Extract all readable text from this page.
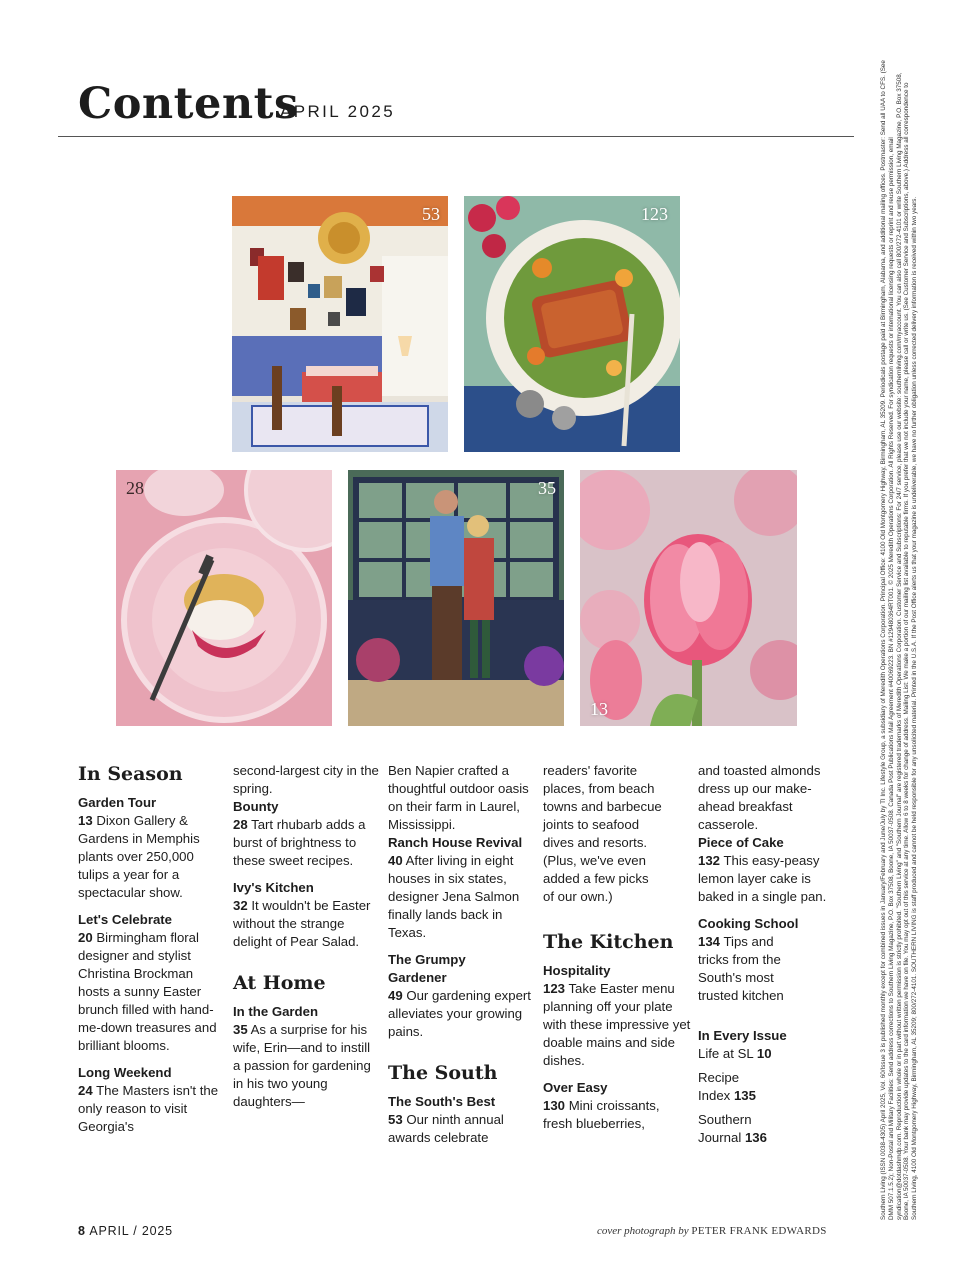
Contents
APRIL 2025
53	123
28	35
13

In Season

Garden Tour

13 Dixon Gallery & Gardens in Memphis plants over 250,000 tulips a year for a spectacular show.

Let's Celebrate

20 Birmingham floral designer and stylist Christina Brockman hosts a sunny Easter brunch filled with hand-me-down treasures and brilliant blooms.

Long Weekend

24 The Masters isn't the only reason to visit Georgia's

second-largest city in the spring.

Bounty

28 Tart rhubarb adds a burst of brightness to these sweet recipes.

Ivy's Kitchen

32 It wouldn't be Easter without the strange delight of Pear Salad.

At Home

In the Garden

35 As a surprise for his wife, Erin—and to instill a passion for gardening in his two young daughters—

Ben Napier crafted a thoughtful outdoor oasis on their farm in Laurel, Mississippi.

Ranch House Revival

40 After living in eight houses in six states, designer Jena Salmon finally lands back in Texas.

The Grumpy Gardener

49 Our gardening expert alleviates your growing pains.

The South

The South's Best

53 Our ninth annual awards celebrate

readers' favorite places, from beach towns and barbecue joints to seafood dives and resorts. (Plus, we've even added a few picks of our own.)

The Kitchen

Hospitality

123 Take Easter menu planning off your plate with these impressive yet doable mains and side dishes.

Over Easy

130 Mini croissants, fresh blueberries,

and toasted almonds dress up our make-ahead breakfast casserole.

Piece of Cake

132 This easy-peasy lemon layer cake is baked in a single pan.

Cooking School

134 Tips and tricks from the South's most trusted kitchen

In Every Issue

Life at SL 10

Recipe Index 135

Southern Journal 136

8 APRIL / 2025	cover photograph by PETER FRANK EDWARDS
Southern Living (ISSN 0038-4305) April 2025, Vol. 60/Issue 3 is published monthly except for combined issues in January/February and June/July by TI Inc. Lifestyle Group, a subsidiary of Meredith Operations Corporation. Principal Office: 4100 Old Montgomery Highway, Birmingham, AL 35209. Periodicals postage paid at Birmingham, Alabama, and additional mailing offices. Postmaster: Send all UAA to CFS. (See DMM 507.1.5.2); Non-Postal and Military Facilities: Send address corrections to Southern Living Magazine, P.O. Box 37508, Boone, IA 50037-0508. Canada Post Publications Mail Agreement #40069223. BN #129480364RT001. © 2025 Meredith Operations Corporation. All Rights Reserved. For syndication requests or international licensing requests or reprint and reuse permission, email syndication@dotdashmdp.com. Reproduction in whole or in part without written permission is strictly prohibited. "Southern Living" and "Southern Journal" are registered trademarks of Meredith Operations Corporation. Customer Service and Subscriptions: For 24/7 service, please use our website: southernliving.com/myaccount. You can also call 800/272-4101 or write Southern Living Magazine, P.O. Box 37508, Boone, IA 50037-0508. Your bank may provide updates to the card information we have on file. You may opt out of this service at any time. Allow 6 to 8 weeks for change of address. Mailing List: We make a portion of our mailing list available to reputable firms. If you prefer that we not include your name, please call or write us. (See Customer Service and Subscriptions, above.) Address all correspondence to Southern Living, 4100 Old Montgomery Highway, Birmingham, AL 35209; 800/272-4101. SOUTHERN LIVING is staff produced and cannot be held responsible for any unsolicited material. Printed in the U.S.A. If the Post Office alerts us that your magazine is undeliverable, we have no further obligation unless corrected delivery information is received within two years.
